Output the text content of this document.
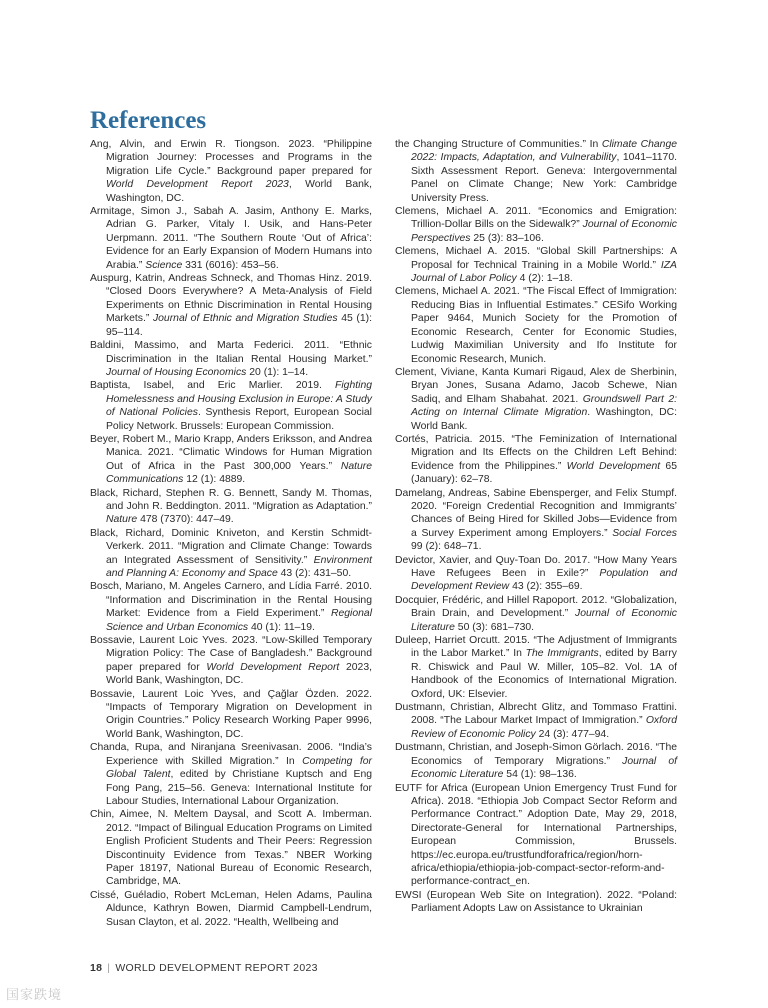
References

Ang, Alvin, and Erwin R. Tiongson. 2023. “Philippine Migration Journey: Processes and Programs in the Migration Life Cycle.” Background paper prepared for World Development Report 2023, World Bank, Washington, DC.

Armitage, Simon J., Sabah A. Jasim, Anthony E. Marks, Adrian G. Parker, Vitaly I. Usik, and Hans-Peter Uerpmann. 2011. “The Southern Route ‘Out of Africa’: Evidence for an Early Expansion of Modern Humans into Arabia.” Science 331 (6016): 453–56.

Auspurg, Katrin, Andreas Schneck, and Thomas Hinz. 2019. “Closed Doors Everywhere? A Meta-Analysis of Field Experiments on Ethnic Discrimination in Rental Housing Markets.” Journal of Ethnic and Migration Studies 45 (1): 95–114.

Baldini, Massimo, and Marta Federici. 2011. “Ethnic Discrimination in the Italian Rental Housing Market.” Journal of Housing Economics 20 (1): 1–14.

Baptista, Isabel, and Eric Marlier. 2019. Fighting Homelessness and Housing Exclusion in Europe: A Study of National Policies. Synthesis Report, European Social Policy Network. Brussels: European Commission.

Beyer, Robert M., Mario Krapp, Anders Eriksson, and Andrea Manica. 2021. “Climatic Windows for Human Migration Out of Africa in the Past 300,000 Years.” Nature Communications 12 (1): 4889.

Black, Richard, Stephen R. G. Bennett, Sandy M. Thomas, and John R. Beddington. 2011. “Migration as Adaptation.” Nature 478 (7370): 447–49.

Black, Richard, Dominic Kniveton, and Kerstin Schmidt-Verkerk. 2011. “Migration and Climate Change: Towards an Integrated Assessment of Sensitivity.” Environment and Planning A: Economy and Space 43 (2): 431–50.

Bosch, Mariano, M. Angeles Carnero, and Lídia Farré. 2010. “Information and Discrimination in the Rental Housing Market: Evidence from a Field Experiment.” Regional Science and Urban Economics 40 (1): 11–19.

Bossavie, Laurent Loic Yves. 2023. “Low-Skilled Temporary Migration Policy: The Case of Bangladesh.” Background paper prepared for World Development Report 2023, World Bank, Washington, DC.

Bossavie, Laurent Loic Yves, and Çağlar Özden. 2022. “Impacts of Temporary Migration on Development in Origin Countries.” Policy Research Working Paper 9996, World Bank, Washington, DC.

Chanda, Rupa, and Niranjana Sreenivasan. 2006. “India’s Experience with Skilled Migration.” In Competing for Global Talent, edited by Christiane Kuptsch and Eng Fong Pang, 215–56. Geneva: International Institute for Labour Studies, International Labour Organization.

Chin, Aimee, N. Meltem Daysal, and Scott A. Imberman. 2012. “Impact of Bilingual Education Programs on Limited English Proficient Students and Their Peers: Regression Discontinuity Evidence from Texas.” NBER Working Paper 18197, National Bureau of Economic Research, Cambridge, MA.

Cissé, Guéladio, Robert McLeman, Helen Adams, Paulina Aldunce, Kathryn Bowen, Diarmid Campbell-Lendrum, Susan Clayton, et al. 2022. “Health, Wellbeing and

the Changing Structure of Communities.” In Climate Change 2022: Impacts, Adaptation, and Vulnerability, 1041–1170. Sixth Assessment Report. Geneva: Intergovernmental Panel on Climate Change; New York: Cambridge University Press.

Clemens, Michael A. 2011. “Economics and Emigration: Trillion-Dollar Bills on the Sidewalk?” Journal of Economic Perspectives 25 (3): 83–106.

Clemens, Michael A. 2015. “Global Skill Partnerships: A Proposal for Technical Training in a Mobile World.” IZA Journal of Labor Policy 4 (2): 1–18.

Clemens, Michael A. 2021. “The Fiscal Effect of Immigration: Reducing Bias in Influential Estimates.” CESifo Working Paper 9464, Munich Society for the Promotion of Economic Research, Center for Economic Studies, Ludwig Maximilian University and Ifo Institute for Economic Research, Munich.

Clement, Viviane, Kanta Kumari Rigaud, Alex de Sherbinin, Bryan Jones, Susana Adamo, Jacob Schewe, Nian Sadiq, and Elham Shabahat. 2021. Groundswell Part 2: Acting on Internal Climate Migration. Washington, DC: World Bank.

Cortés, Patricia. 2015. “The Feminization of International Migration and Its Effects on the Children Left Behind: Evidence from the Philippines.” World Development 65 (January): 62–78.

Damelang, Andreas, Sabine Ebensperger, and Felix Stumpf. 2020. “Foreign Credential Recognition and Immigrants’ Chances of Being Hired for Skilled Jobs—Evidence from a Survey Experiment among Employers.” Social Forces 99 (2): 648–71.

Devictor, Xavier, and Quy-Toan Do. 2017. “How Many Years Have Refugees Been in Exile?” Population and Development Review 43 (2): 355–69.

Docquier, Frédéric, and Hillel Rapoport. 2012. “Globalization, Brain Drain, and Development.” Journal of Economic Literature 50 (3): 681–730.

Duleep, Harriet Orcutt. 2015. “The Adjustment of Immigrants in the Labor Market.” In The Immigrants, edited by Barry R. Chiswick and Paul W. Miller, 105–82. Vol. 1A of Handbook of the Economics of International Migration. Oxford, UK: Elsevier.

Dustmann, Christian, Albrecht Glitz, and Tommaso Frattini. 2008. “The Labour Market Impact of Immigration.” Oxford Review of Economic Policy 24 (3): 477–94.

Dustmann, Christian, and Joseph-Simon Görlach. 2016. “The Economics of Temporary Migrations.” Journal of Economic Literature 54 (1): 98–136.

EUTF for Africa (European Union Emergency Trust Fund for Africa). 2018. “Ethiopia Job Compact Sector Reform and Performance Contract.” Adoption Date, May 29, 2018, Directorate-General for International Partnerships, European Commission, Brussels. https://ec.europa.eu/trustfundforafrica/region/horn-africa/ethiopia/ethiopia-job-compact-sector-reform-and-performance-contract_en.

EWSI (European Web Site on Integration). 2022. “Poland: Parliament Adopts Law on Assistance to Ukrainian

18 | WORLD DEVELOPMENT REPORT 2023
国家跌境
